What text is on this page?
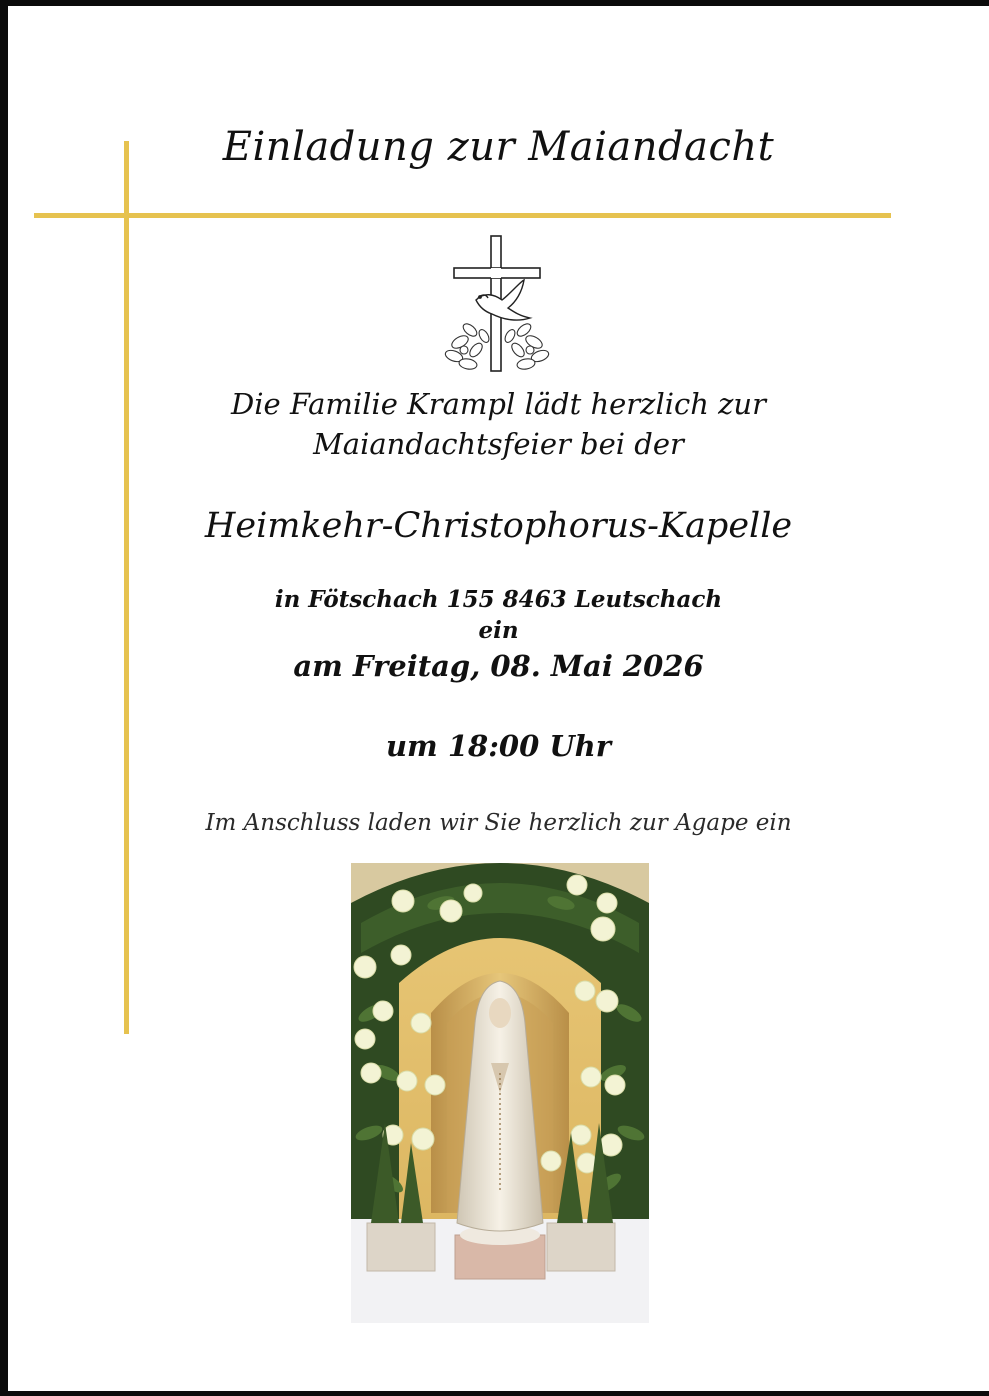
Einladung zur Maiandacht
Die Familie Krampl lädt herzlich zur
Maiandachtsfeier bei der
Heimkehr-Christophorus-Kapelle
in Fötschach 155 8463 Leutschach
ein
am Freitag, 08. Mai 2026
um 18:00 Uhr
Im Anschluss laden wir Sie herzlich zur Agape ein
